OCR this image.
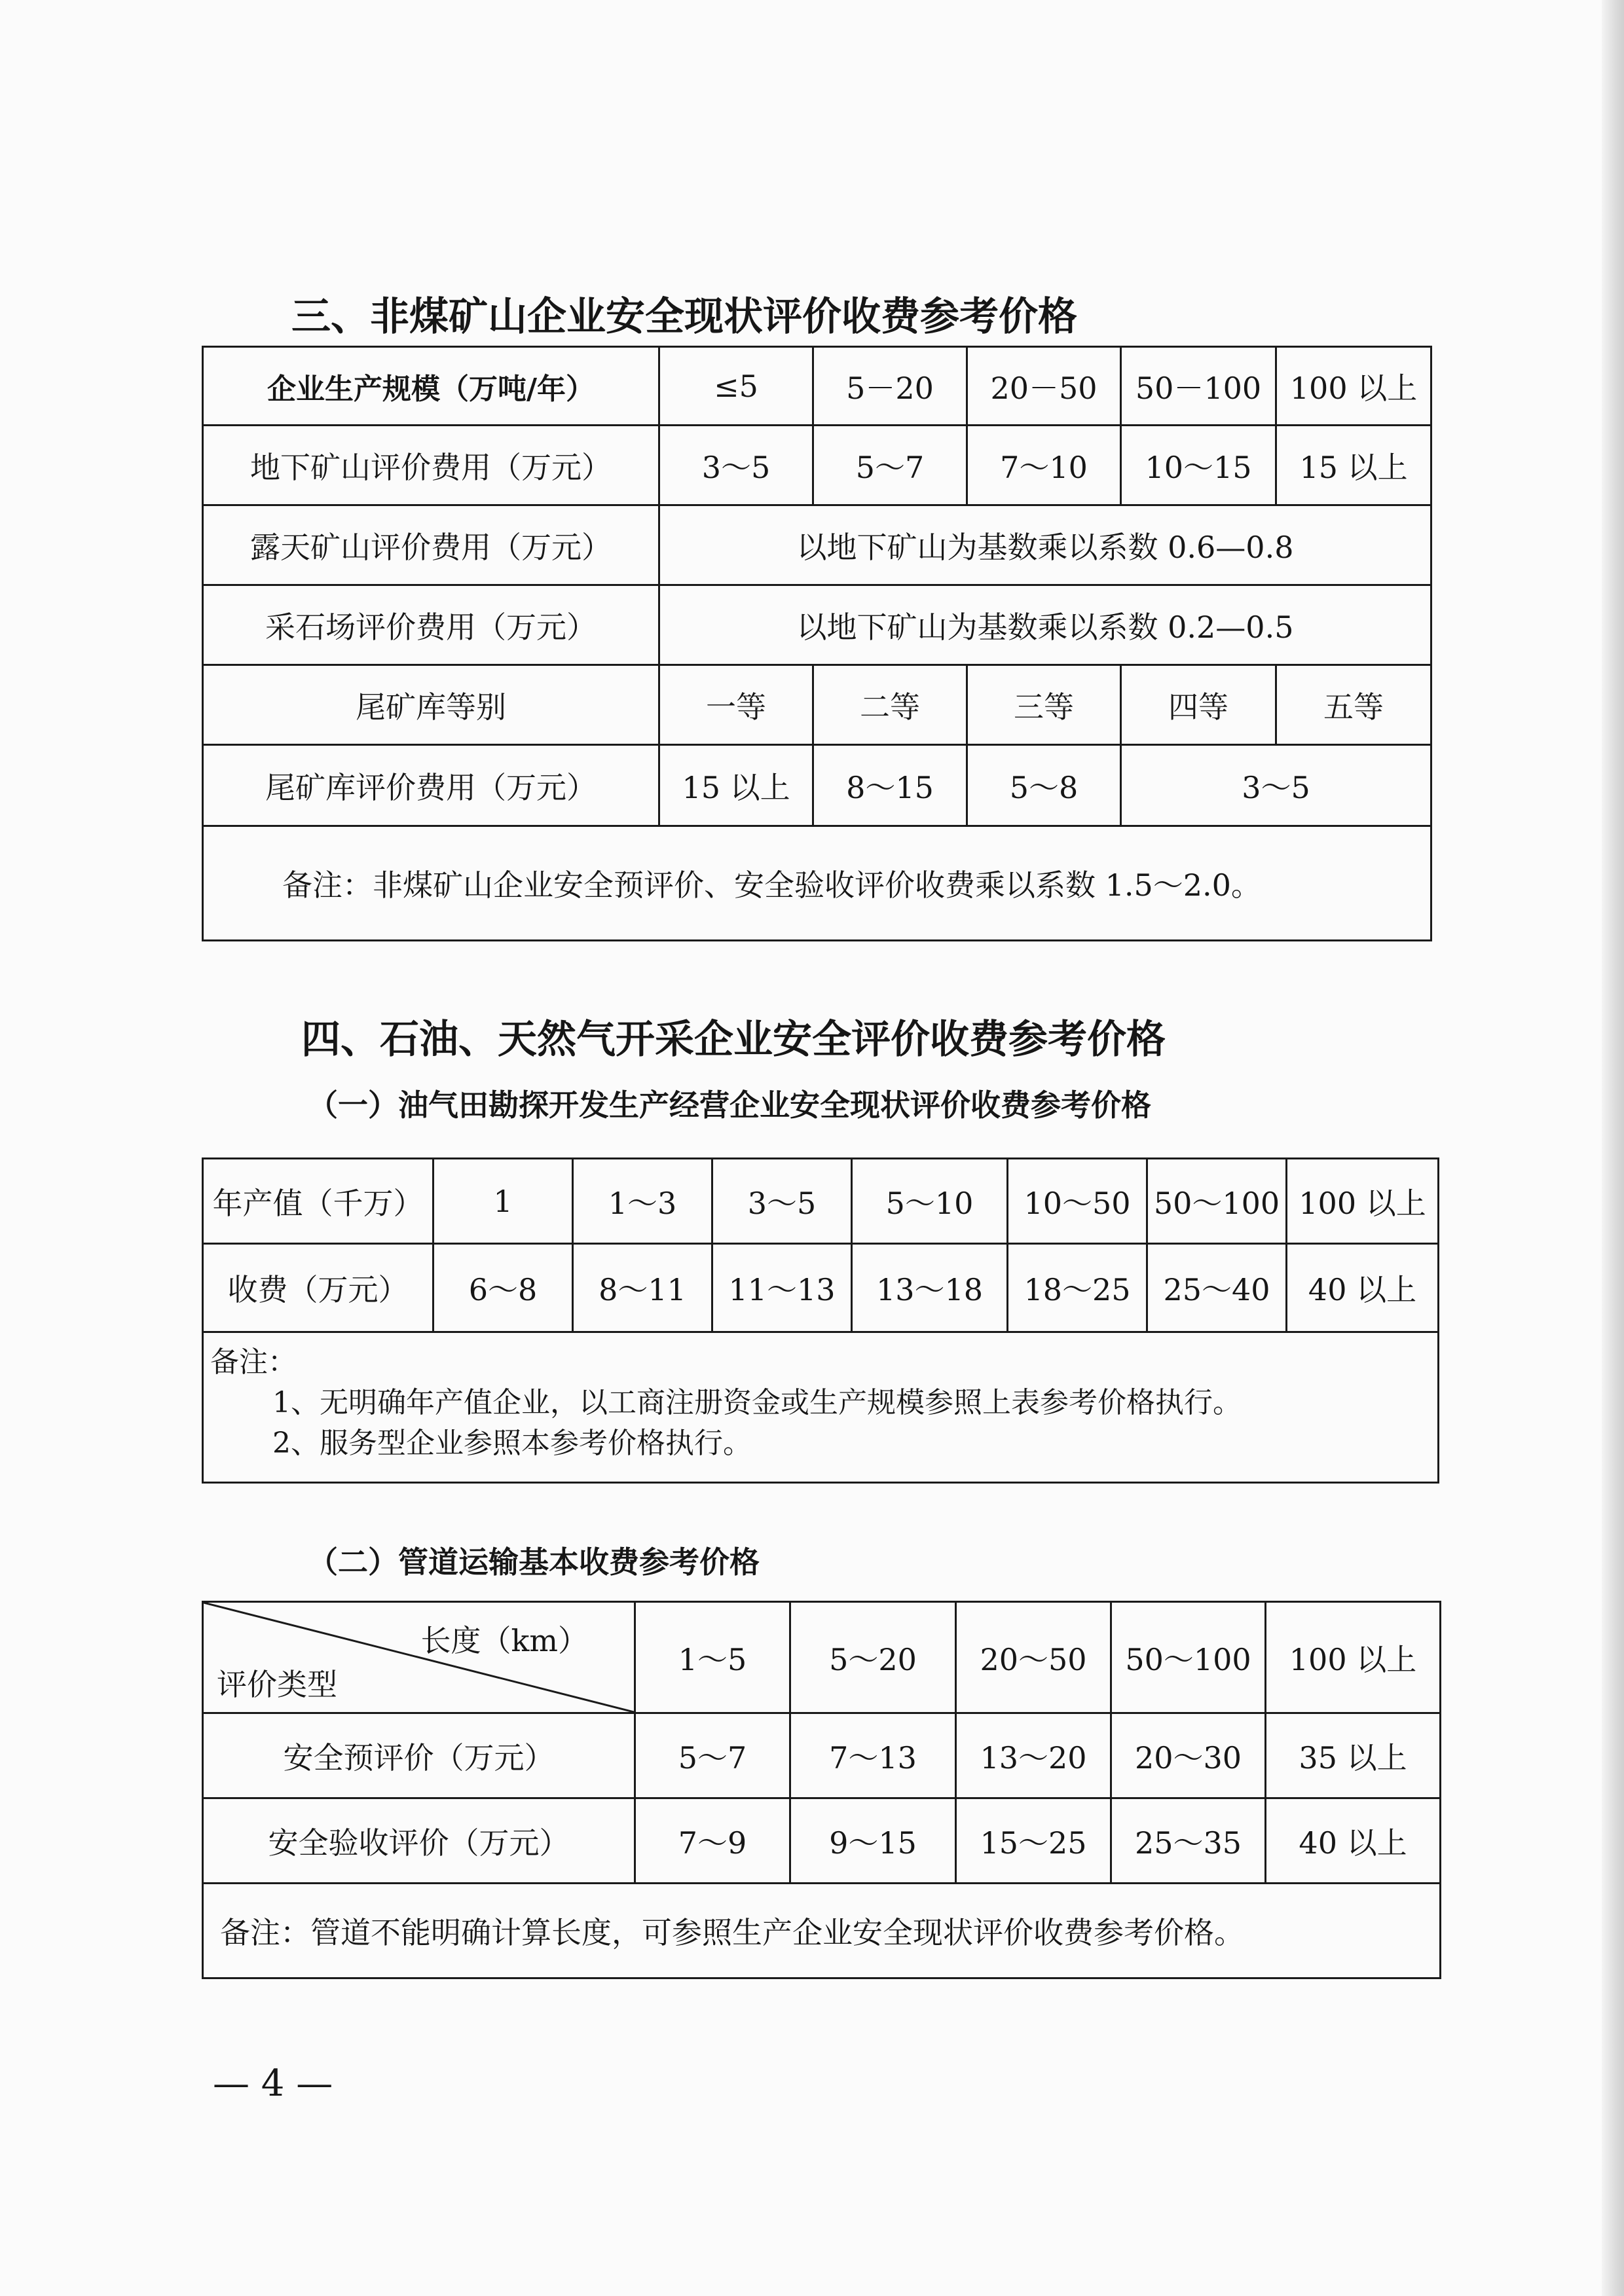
三、非煤矿山企业安全现状评价收费参考价格
企业生产规模（万吨/年）	≤5	5－20	20－50	50－100	100 以上
地下矿山评价费用（万元）	3～5	5～7	7～10	10～15	15 以上
露天矿山评价费用（万元）	以地下矿山为基数乘以系数 0.6—0.8				
采石场评价费用（万元）	以地下矿山为基数乘以系数 0.2—0.5				
尾矿库等别	一等	二等	三等	四等	五等
尾矿库评价费用（万元）	15 以上	8～15	5～8	3～5	
备注：非煤矿山企业安全预评价、安全验收评价收费乘以系数 1.5～2.0。					
四、石油、天然气开采企业安全评价收费参考价格
（一）油气田勘探开发生产经营企业安全现状评价收费参考价格
年产值（千万）	1	1～3	3～5	5～10	10～50	50～100	100 以上
收费（万元）	6～8	8～11	11～13	13～18	18～25	25～40	40 以上

备注：
1、无明确年产值企业，以工商注册资金或生产规模参照上表参考价格执行。
2、服务型企业参照本参考价格执行。							
（二）管道运输基本收费参考价格
长度（km）
评价类型	1～5	5～20	20～50	50～100	100 以上
安全预评价（万元）	5～7	7～13	13～20	20～30	35 以上
安全验收评价（万元）	7～9	9～15	15～25	25～35	40 以上
备注：管道不能明确计算长度，可参照生产企业安全现状评价收费参考价格。					
— 4 —
